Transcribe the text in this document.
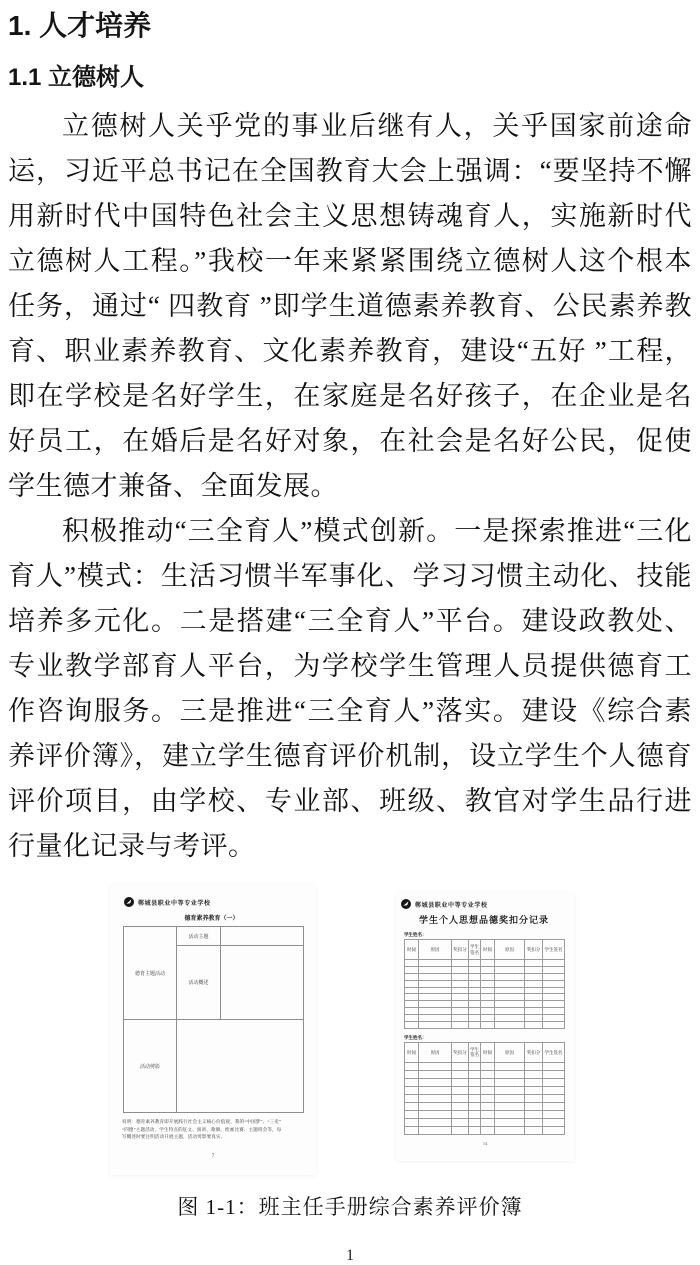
1. 人才培养
1.1 立德树人

立德树人关乎党的事业后继有人，关乎国家前途命运，习近平总书记在全国教育大会上强调：“要坚持不懈用新时代中国特色社会主义思想铸魂育人，实施新时代立德树人工程。”我校一年来紧紧围绕立德树人这个根本任务，通过“ 四教育 ”即学生道德素养教育、公民素养教育、职业素养教育、文化素养教育，建设“五好 ”工程，即在学校是名好学生，在家庭是名好孩子，在企业是名好员工，在婚后是名好对象，在社会是名好公民，促使学生德才兼备、全面发展。

积极推动“三全育人”模式创新。一是探索推进“三化育人”模式：生活习惯半军事化、学习习惯主动化、技能培养多元化。二是搭建“三全育人”平台。建设政教处、专业教学部育人平台，为学校学生管理人员提供德育工作咨询服务。三是推进“三全育人”落实。建设《综合素养评价簿》，建立学生德育评价机制，设立学生个人德育评价项目，由学校、专业部、班级、教官对学生品行进行量化记录与考评。

郸城县职业中等专业学校
德育素养教育（一）
德育主题活动	活动主题	
	活动概述	
活动剪影		
说明：德育素养教育即开展践行社会主义核心价值观、我的“中国梦”、“三史”
“四德”主题活动，学生特点的征文、演讲、歌舞、绘画比赛、主题班会等，每
写概述时要注明活动开展主题，活动剪影要真实。
7
郸城县职业中等专业学校
学生个人思想品德奖扣分记录
学生姓名：
时间	原因	奖扣分	学生签名	时间	原因	奖扣分	学生签名

学生姓名：
时间	原因	奖扣分	学生签名	时间	原因	奖扣分	学生签名

14
图 1-1：班主任手册综合素养评价簿
1
